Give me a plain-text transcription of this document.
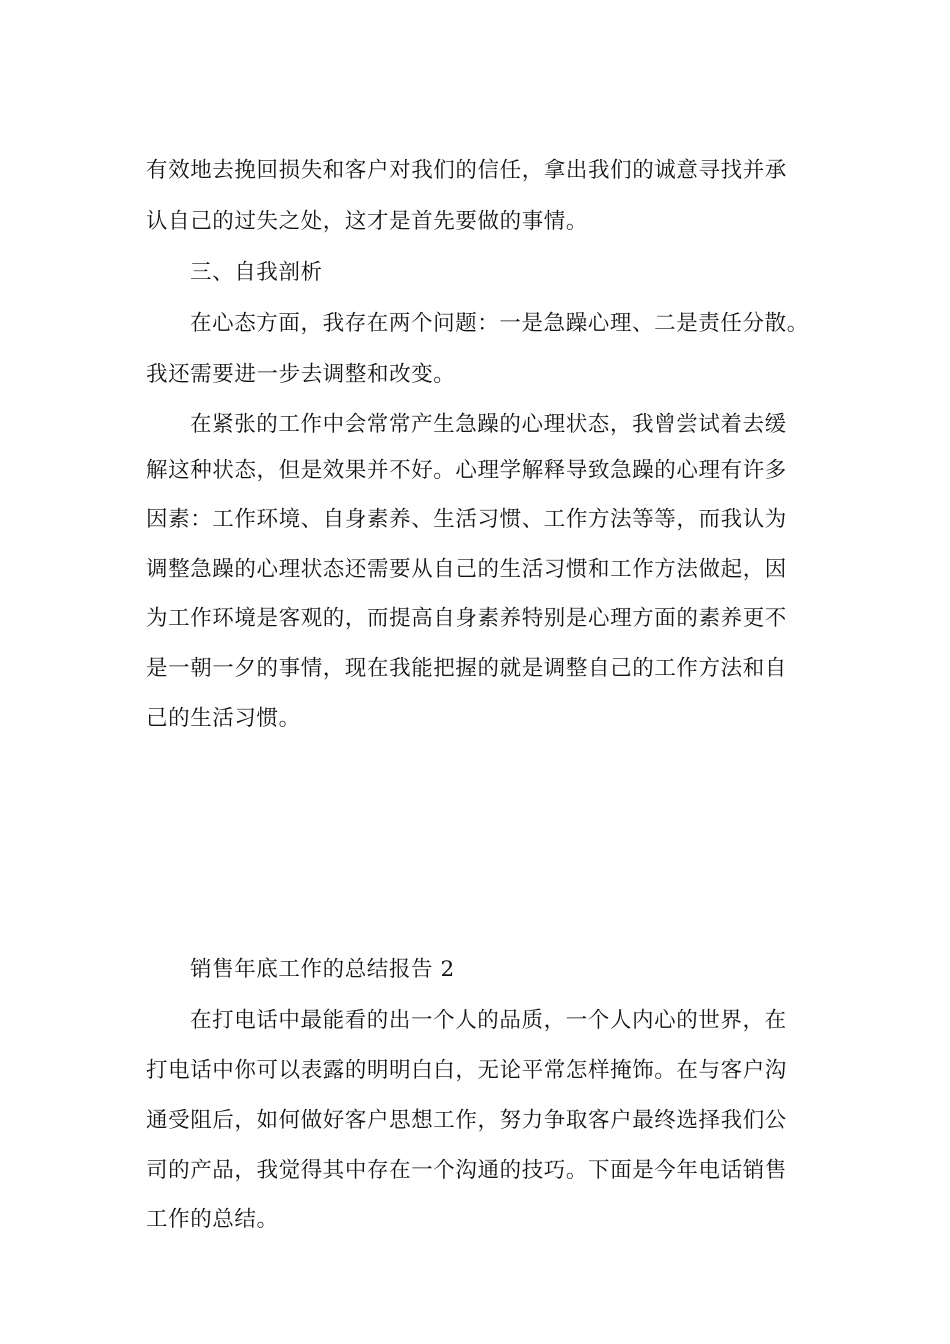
有效地去挽回损失和客户对我们的信任，拿出我们的诚意寻找并承

认自己的过失之处，这才是首先要做的事情。

三、自我剖析

在心态方面，我存在两个问题：一是急躁心理、二是责任分散。

我还需要进一步去调整和改变。

在紧张的工作中会常常产生急躁的心理状态，我曾尝试着去缓

解这种状态，但是效果并不好。心理学解释导致急躁的心理有许多

因素：工作环境、自身素养、生活习惯、工作方法等等，而我认为

调整急躁的心理状态还需要从自己的生活习惯和工作方法做起，因

为工作环境是客观的，而提高自身素养特别是心理方面的素养更不

是一朝一夕的事情，现在我能把握的就是调整自己的工作方法和自

己的生活习惯。

销售年底工作的总结报告 2

在打电话中最能看的出一个人的品质，一个人内心的世界，在

打电话中你可以表露的明明白白，无论平常怎样掩饰。在与客户沟

通受阻后，如何做好客户思想工作，努力争取客户最终选择我们公

司的产品，我觉得其中存在一个沟通的技巧。下面是今年电话销售

工作的总结。
